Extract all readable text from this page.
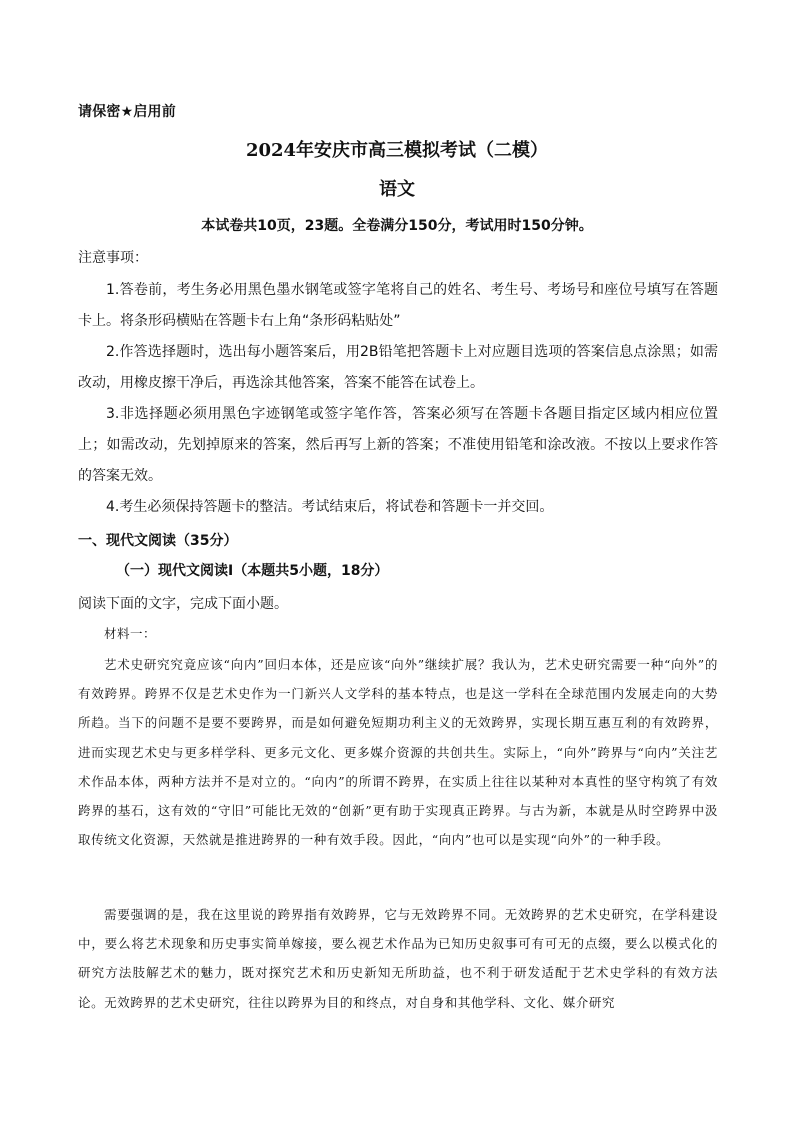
请保密★启用前
2024年安庆市高三模拟考试（二模）
语文
本试卷共10页，23题。全卷满分150分，考试用时150分钟。
注意事项：
1.答卷前，考生务必用黑色墨水钢笔或签字笔将自己的姓名、考生号、考场号和座位号填写在答题卡上。将条形码横贴在答题卡右上角“条形码粘贴处”
2.作答选择题时，选出每小题答案后，用2B铅笔把答题卡上对应题目选项的答案信息点涂黑；如需改动，用橡皮擦干净后，再选涂其他答案，答案不能答在试卷上。
3.非选择题必须用黑色字迹钢笔或签字笔作答，答案必须写在答题卡各题目指定区域内相应位置上；如需改动，先划掉原来的答案，然后再写上新的答案；不准使用铅笔和涂改液。不按以上要求作答的答案无效。
4.考生必须保持答题卡的整洁。考试结束后，将试卷和答题卡一并交回。
一、现代文阅读（35分）
（一）现代文阅读Ⅰ（本题共5小题，18分）
阅读下面的文字，完成下面小题。
材料一：
艺术史研究究竟应该“向内”回归本体，还是应该“向外”继续扩展？我认为，艺术史研究需要一种“向外”的有效跨界。跨界不仅是艺术史作为一门新兴人文学科的基本特点，也是这一学科在全球范围内发展走向的大势所趋。当下的问题不是要不要跨界，而是如何避免短期功利主义的无效跨界，实现长期互惠互利的有效跨界，进而实现艺术史与更多样学科、更多元文化、更多媒介资源的共创共生。实际上，“向外”跨界与“向内”关注艺术作品本体，两种方法并不是对立的。“向内”的所谓不跨界，在实质上往往以某种对本真性的坚守构筑了有效跨界的基石，这有效的“守旧”可能比无效的“创新”更有助于实现真正跨界。与古为新，本就是从时空跨界中汲取传统文化资源，天然就是推进跨界的一种有效手段。因此，“向内”也可以是实现“向外”的一种手段。
需要强调的是，我在这里说的跨界指有效跨界，它与无效跨界不同。无效跨界的艺术史研究，在学科建设中，要么将艺术现象和历史事实简单嫁接，要么视艺术作品为已知历史叙事可有可无的点缀，要么以模式化的研究方法肢解艺术的魅力，既对探究艺术和历史新知无所助益，也不利于研发适配于艺术史学科的有效方法论。无效跨界的艺术史研究，往往以跨界为目的和终点，对自身和其他学科、文化、媒介研究
